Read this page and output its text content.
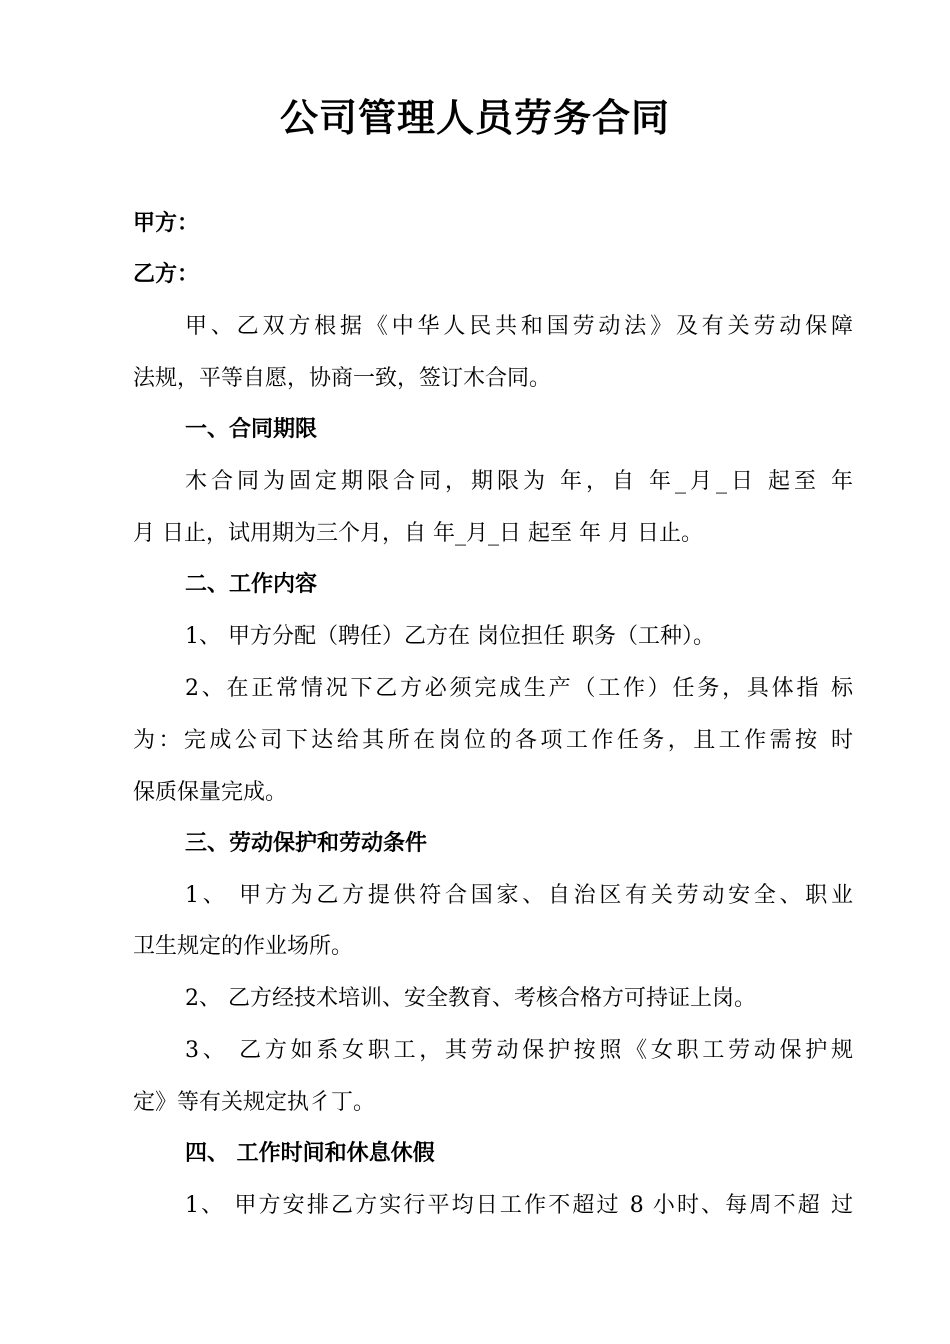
公司管理人员劳务合同
甲方：
乙方：
甲、乙双方根据《中华人民共和国劳动法》及有关劳动保障
法规，平等自愿，协商一致，签订木合同。
一、合同期限
木合同为固定期限合同，期限为 年，自 年_月_日 起至 年
月 日止，试用期为三个月，自 年_月_日 起至 年 月 日止。
二、工作内容
1、 甲方分配（聘任）乙方在 岗位担任 职务（工种）。
2、在正常情况下乙方必须完成生产（工作）任务，具体指 标
为：完成公司下达给其所在岗位的各项工作任务，且工作需按 时
保质保量完成。
三、劳动保护和劳动条件
1、 甲方为乙方提供符合国家、自治区有关劳动安全、职业
卫生规定的作业场所。
2、 乙方经技术培训、安全教育、考核合格方可持证上岗。
3、 乙方如系女职工，其劳动保护按照《女职工劳动保护规
定》等有关规定执彳丁。
四、 工作时间和休息休假
1、 甲方安排乙方实行平均日工作不超过 8 小时、每周不超 过
